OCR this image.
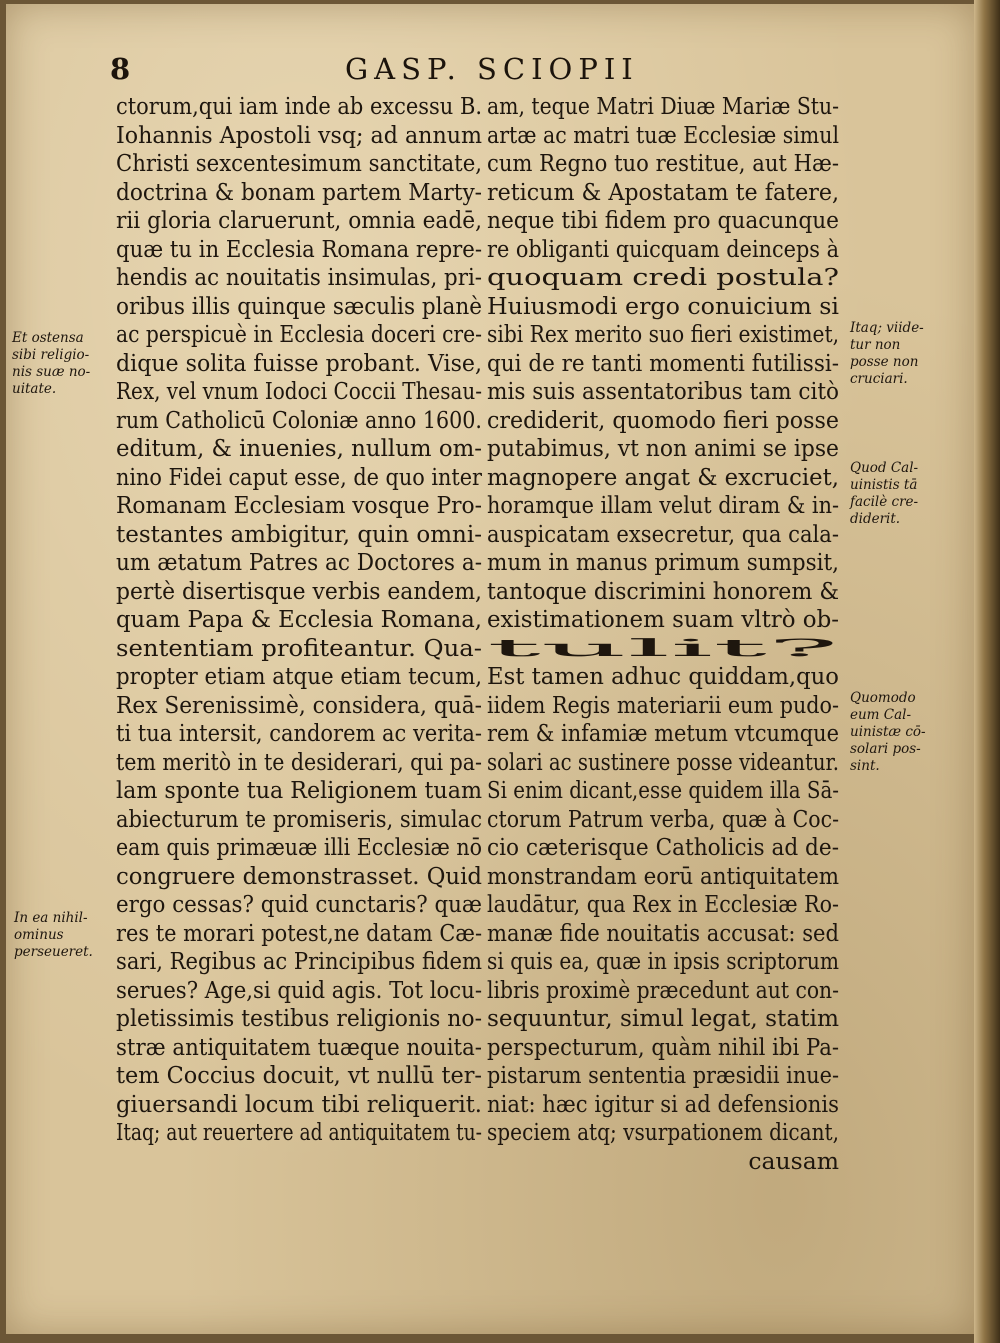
8	GASP. SCIOPII
ctorum,qui iam inde ab excessu B.
Iohannis Apostoli vsq; ad annum
Christi sexcentesimum sanctitate,
doctrina & bonam partem Marty-
rii gloria claruerunt, omnia eadē,
quæ tu in Ecclesia Romana repre-
hendis ac nouitatis insimulas, pri-
oribus illis quinque sæculis planè
ac perspicuè in Ecclesia doceri cre-
dique solita fuisse probant. Vise,
Rex, vel vnum Iodoci Coccii Thesau-
rum Catholicū Coloniæ anno 1600.
editum, & inuenies, nullum om-
nino Fidei caput esse, de quo inter
Romanam Ecclesiam vosque Pro-
testantes ambigitur, quin omni-
um ætatum Patres ac Doctores a-
pertè disertisque verbis eandem,
quam Papa & Ecclesia Romana,
sententiam profiteantur. Qua-
propter etiam atque etiam tecum,
Rex Serenissimè, considera, quā-
ti tua intersit, candorem ac verita-
tem meritò in te desiderari, qui pa-
lam sponte tua Religionem tuam
abiecturum te promiseris, simulac
eam quis primæuæ illi Ecclesiæ nō
congruere demonstrasset. Quid
ergo cessas? quid cunctaris? quæ
res te morari potest,ne datam Cæ-
sari, Regibus ac Principibus fidem
serues? Age,si quid agis. Tot locu-
pletissimis testibus religionis no-
stræ antiquitatem tuæque nouita-
tem Coccius docuit, vt nullū ter-
giuersandi locum tibi reliquerit.
Itaq; aut reuertere ad antiquitatem tu-
am, teque Matri Diuæ Mariæ Stu-
artæ ac matri tuæ Ecclesiæ simul
cum Regno tuo restitue, aut Hæ-
reticum & Apostatam te fatere,
neque tibi fidem pro quacunque
re obliganti quicquam deinceps à
quoquam credi postula?
Huiusmodi ergo conuicium si
sibi Rex merito suo fieri existimet,
qui de re tanti momenti futilissi-
mis suis assentatoribus tam citò
crediderit, quomodo fieri posse
putabimus, vt non animi se ipse
magnopere angat & excruciet,
horamque illam velut diram & in-
auspicatam exsecretur, qua cala-
mum in manus primum sumpsit,
tantoque discrimini honorem &
existimationem suam vltrò ob-
tulit?
Est tamen adhuc quiddam,quo
iidem Regis materiarii eum pudo-
rem & infamiæ metum vtcumque
solari ac sustinere posse videantur.
Si enim dicant,esse quidem illa Sā-
ctorum Patrum verba, quæ à Coc-
cio cæterisque Catholicis ad de-
monstrandam eorū antiquitatem
laudātur, qua Rex in Ecclesiæ Ro-
manæ fide nouitatis accusat: sed
si quis ea, quæ in ipsis scriptorum
libris proximè præcedunt aut con-
sequuntur, simul legat, statim
perspecturum, quàm nihil ibi Pa-
pistarum sententia præsidii inue-
niat: hæc igitur si ad defensionis
speciem atq; vsurpationem dicant,
causam
Et ostensa
sibi religio-
nis suæ no-
uitate.
In ea nihil-
ominus
perseueret.
Itaq; viide-
tur non
posse non
cruciari.
Quod Cal-
uinistis tā
facilè cre-
diderit.
Quomodo
eum Cal-
uinistæ cō-
solari pos-
sint.
